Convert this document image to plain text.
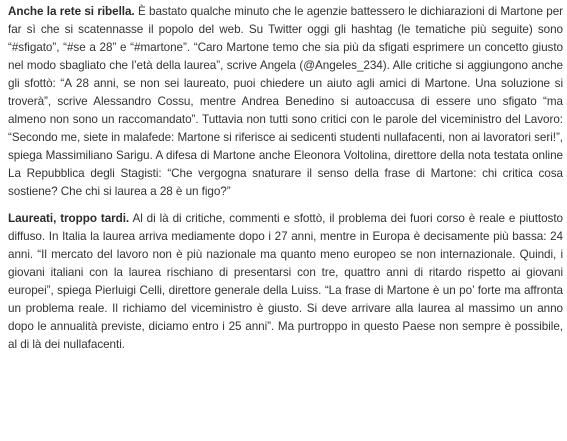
Anche la rete si ribella. È bastato qualche minuto che le agenzie battessero le dichiarazioni di Martone per far sì che si scatennasse il popolo del web. Su Twitter oggi gli hashtag (le tematiche più seguite) sono “#sfigato”, “#se a 28” e “#martone”. “Caro Martone temo che sia più da sfigati esprimere un concetto giusto nel modo sbagliato che l’età della laurea”, scrive Angela (@Angeles_234). Alle critiche si aggiungono anche gli sfottò: “A 28 anni, se non sei laureato, puoi chiedere un aiuto agli amici di Martone. Una soluzione si troverà”, scrive Alessandro Cossu, mentre Andrea Benedino si autoaccusa di essere uno sfigato “ma almeno non sono un raccomandato”. Tuttavia non tutti sono critici con le parole del viceministro del Lavoro: “Secondo me, siete in malafede: Martone si riferisce ai sedicenti studenti nullafacenti, non ai lavoratori seri!”, spiega Massimiliano Sarigu. A difesa di Martone anche Eleonora Voltolina, direttore della nota testata online La Repubblica degli Stagisti: “Che vergogna snaturare il senso della frase di Martone: chi critica cosa sostiene? Che chi si laurea a 28 è un figo?”

Laureati, troppo tardi. Al di là di critiche, commenti e sfottò, il problema dei fuori corso è reale e piuttosto diffuso. In Italia la laurea arriva mediamente dopo i 27 anni, mentre in Europa è decisamente più bassa: 24 anni. “Il mercato del lavoro non è più nazionale ma quanto meno europeo se non internazionale. Quindi, i giovani italiani con la laurea rischiano di presentarsi con tre, quattro anni di ritardo rispetto ai giovani europei”, spiega Pierluigi Celli, direttore generale della Luiss. “La frase di Martone è un po’ forte ma affronta un problema reale. Il richiamo del viceministro è giusto. Si deve arrivare alla laurea al massimo un anno dopo le annualità previste, diciamo entro i 25 anni”. Ma purtroppo in questo Paese non sempre è possibile, al di là dei nullafacenti.
